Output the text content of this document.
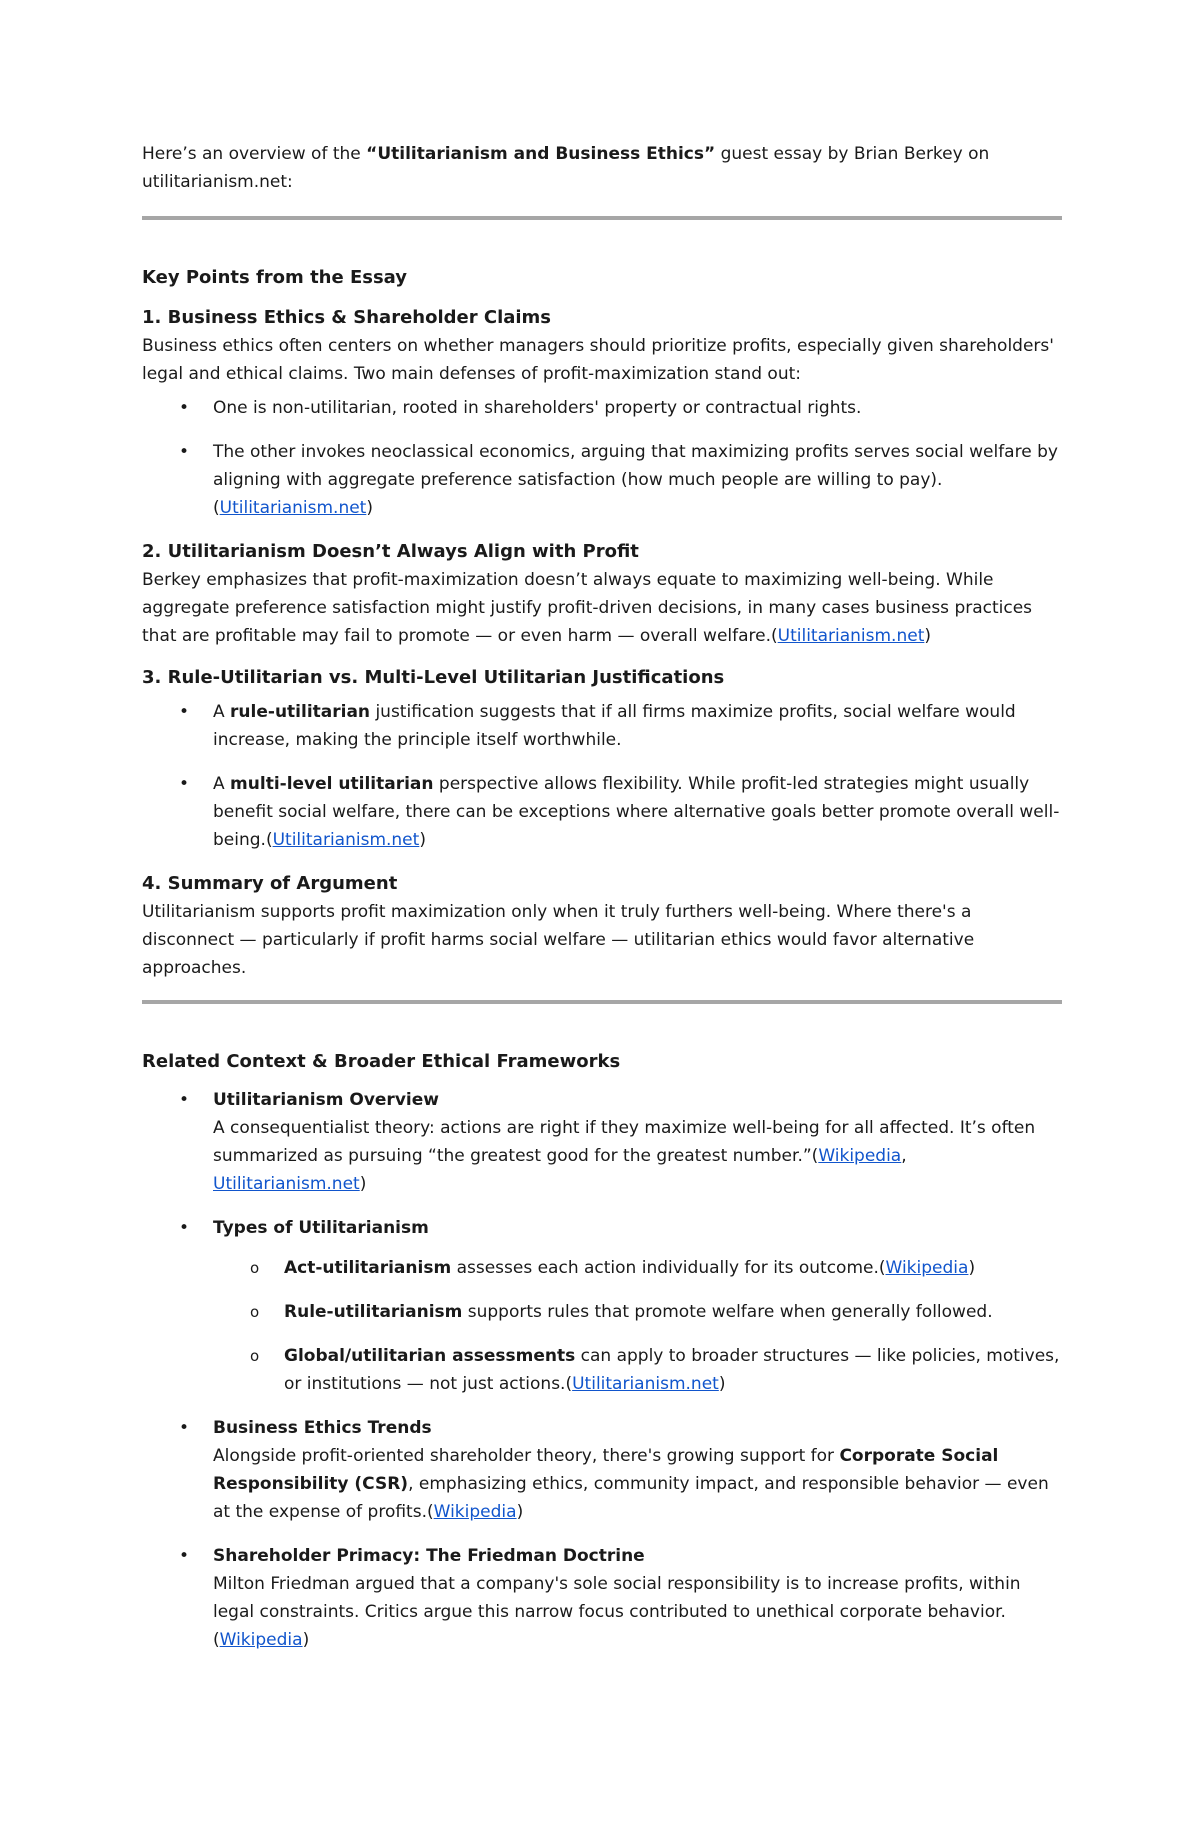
Here’s an overview of the “Utilitarianism and Business Ethics” guest essay by Brian Berkey on utilitarianism.net:

Key Points from the Essay
1. Business Ethics & Shareholder Claims

Business ethics often centers on whether managers should prioritize profits, especially given shareholders' legal and ethical claims. Two main defenses of profit-maximization stand out:

• One is non-utilitarian, rooted in shareholders' property or contractual rights.
• The other invokes neoclassical economics, arguing that maximizing profits serves social welfare by aligning with aggregate preference satisfaction (how much people are willing to pay).
(Utilitarianism.net)
2. Utilitarianism Doesn’t Always Align with Profit

Berkey emphasizes that profit-maximization doesn’t always equate to maximizing well-being. While aggregate preference satisfaction might justify profit-driven decisions, in many cases business practices that are profitable may fail to promote — or even harm — overall welfare.(Utilitarianism.net)

3. Rule-Utilitarian vs. Multi-Level Utilitarian Justifications
• A rule-utilitarian justification suggests that if all firms maximize profits, social welfare would increase, making the principle itself worthwhile.
• A multi-level utilitarian perspective allows flexibility. While profit-led strategies might usually benefit social welfare, there can be exceptions where alternative goals better promote overall well-being.(Utilitarianism.net)
4. Summary of Argument

Utilitarianism supports profit maximization only when it truly furthers well-being. Where there's a disconnect — particularly if profit harms social welfare — utilitarian ethics would favor alternative approaches.

Related Context & Broader Ethical Frameworks
• Utilitarianism Overview
A consequentialist theory: actions are right if they maximize well-being for all affected. It’s often summarized as pursuing “the greatest good for the greatest number.”(Wikipedia,
Utilitarianism.net)
• Types of Utilitarianism
o Act-utilitarianism assesses each action individually for its outcome.(Wikipedia)
o Rule-utilitarianism supports rules that promote welfare when generally followed.
o Global/utilitarian assessments can apply to broader structures — like policies, motives, or institutions — not just actions.(Utilitarianism.net)
• Business Ethics Trends
Alongside profit-oriented shareholder theory, there's growing support for Corporate Social Responsibility (CSR), emphasizing ethics, community impact, and responsible behavior — even at the expense of profits.(Wikipedia)
• Shareholder Primacy: The Friedman Doctrine
Milton Friedman argued that a company's sole social responsibility is to increase profits, within legal constraints. Critics argue this narrow focus contributed to unethical corporate behavior.
(Wikipedia)
